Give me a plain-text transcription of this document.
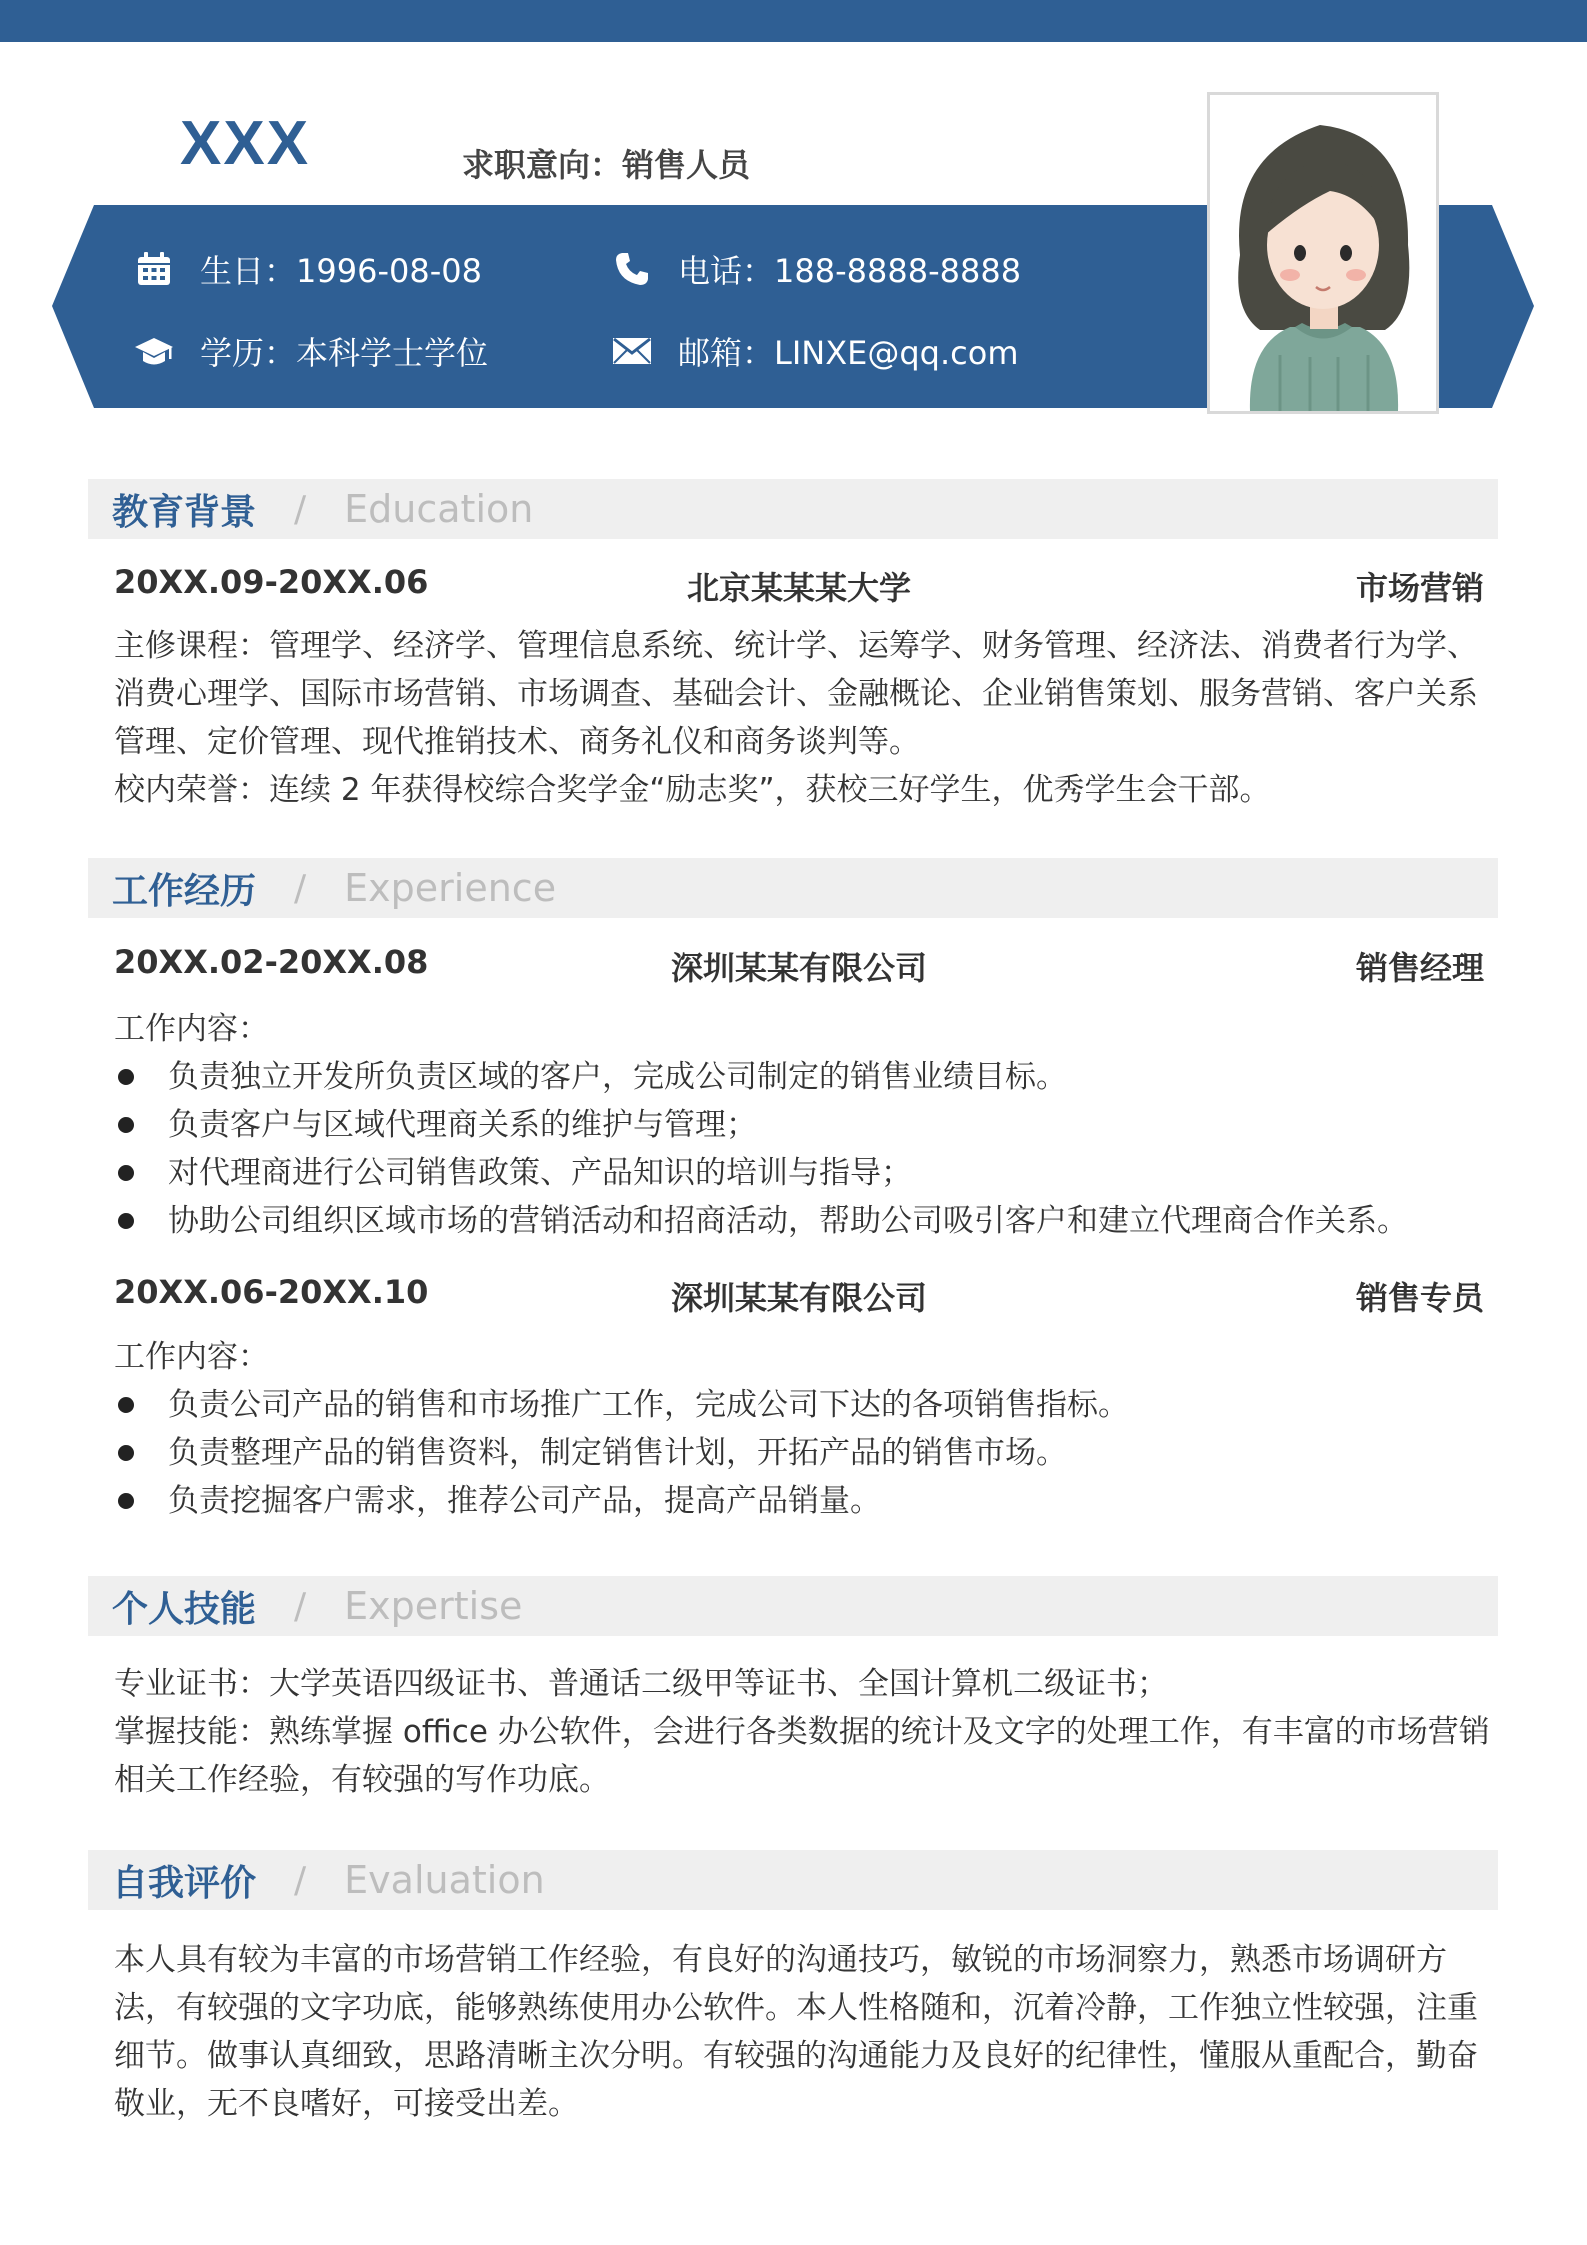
XXX	求职意向：销售人员
生日：1996-08-08	电话：188-8888-8888
学历：本科学士学位	邮箱：LINXE@qq.com
教育背景 / Education
20XX.09-20XX.06	北京某某某大学	市场营销
主修课程：管理学、经济学、管理信息系统、统计学、运筹学、财务管理、经济法、消费者行为学、消费心理学、国际市场营销、市场调查、基础会计、金融概论、企业销售策划、服务营销、客户关系管理、定价管理、现代推销技术、商务礼仪和商务谈判等。
校内荣誉：连续 2 年获得校综合奖学金“励志奖”，获校三好学生，优秀学生会干部。
工作经历 / Experience
20XX.02-20XX.08	深圳某某有限公司	销售经理
工作内容：
负责独立开发所负责区域的客户，完成公司制定的销售业绩目标。
负责客户与区域代理商关系的维护与管理；
对代理商进行公司销售政策、产品知识的培训与指导；
协助公司组织区域市场的营销活动和招商活动，帮助公司吸引客户和建立代理商合作关系。
20XX.06-20XX.10	深圳某某有限公司	销售专员
工作内容：
负责公司产品的销售和市场推广工作，完成公司下达的各项销售指标。
负责整理产品的销售资料，制定销售计划，开拓产品的销售市场。
负责挖掘客户需求，推荐公司产品，提高产品销量。
个人技能 / Expertise
专业证书：大学英语四级证书、普通话二级甲等证书、全国计算机二级证书；
掌握技能：熟练掌握 office 办公软件，会进行各类数据的统计及文字的处理工作，有丰富的市场营销相关工作经验，有较强的写作功底。
自我评价 / Evaluation
本人具有较为丰富的市场营销工作经验，有良好的沟通技巧，敏锐的市场洞察力，熟悉市场调研方法，有较强的文字功底，能够熟练使用办公软件。本人性格随和，沉着冷静，工作独立性较强，注重细节。做事认真细致，思路清晰主次分明。有较强的沟通能力及良好的纪律性，懂服从重配合，勤奋敬业，无不良嗜好，可接受出差。
